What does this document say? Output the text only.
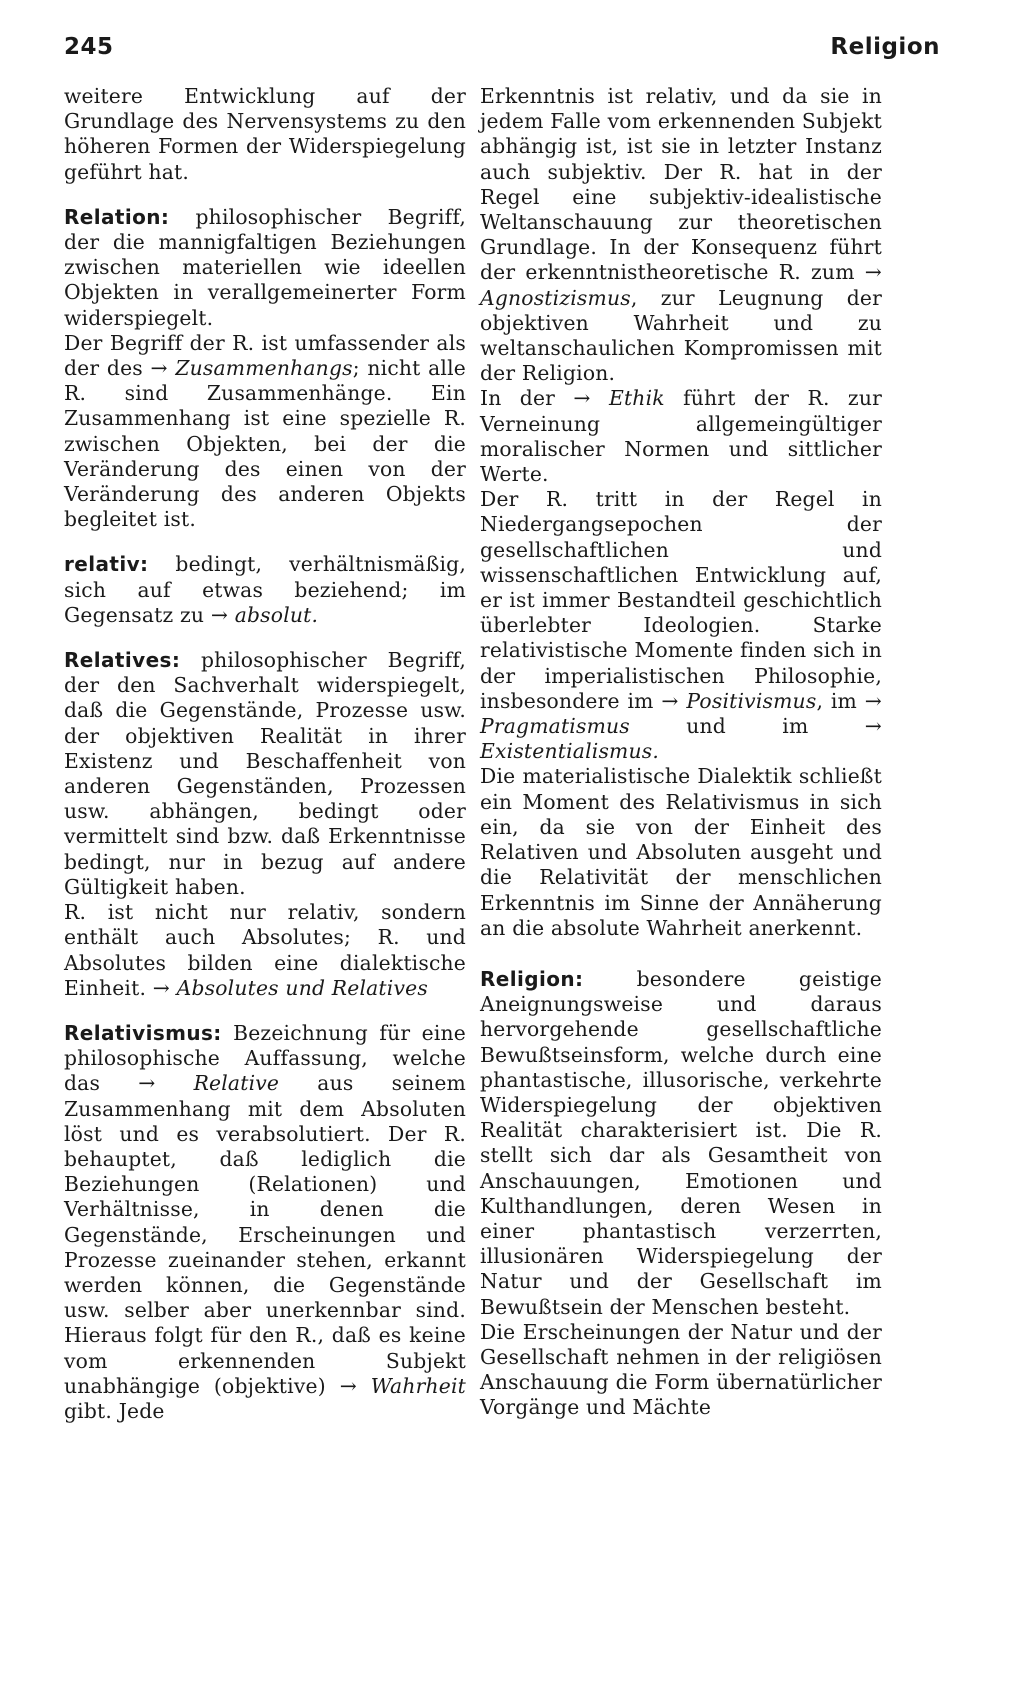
245	Religion

weitere Entwicklung auf der Grundlage des Nervensystems zu den höheren Formen der Widerspiegelung geführt hat.

Relation: philosophischer Begriff, der die mannigfaltigen Beziehungen zwischen materiellen wie ideellen Objekten in verallgemeinerter Form widerspiegelt.

Der Begriff der R. ist umfassender als der des → Zusammenhangs; nicht alle R. sind Zusammenhänge. Ein Zusammenhang ist eine spezielle R. zwischen Objekten, bei der die Veränderung des einen von der Veränderung des anderen Objekts begleitet ist.

relativ: bedingt, verhältnismäßig, sich auf etwas beziehend; im Gegensatz zu → absolut.

Relatives: philosophischer Begriff, der den Sachverhalt widerspiegelt, daß die Gegenstände, Prozesse usw. der objektiven Realität in ihrer Existenz und Beschaffenheit von anderen Gegenständen, Prozessen usw. abhängen, bedingt oder vermittelt sind bzw. daß Erkenntnisse bedingt, nur in bezug auf andere Gültigkeit haben.

R. ist nicht nur relativ, sondern enthält auch Absolutes; R. und Absolutes bilden eine dialektische Einheit. → Absolutes und Relatives

Relativismus: Bezeichnung für eine philosophische Auffassung, welche das → Relative aus seinem Zusammenhang mit dem Absoluten löst und es verabsolutiert. Der R. behauptet, daß lediglich die Beziehungen (Relationen) und Verhältnisse, in denen die Gegenstände, Erscheinungen und Prozesse zueinander stehen, erkannt werden können, die Gegenstände usw. selber aber unerkennbar sind. Hieraus folgt für den R., daß es keine vom erkennenden Subjekt unabhängige (objektive) → Wahrheit gibt. Jede

Erkenntnis ist relativ, und da sie in jedem Falle vom erkennenden Subjekt abhängig ist, ist sie in letzter Instanz auch subjektiv. Der R. hat in der Regel eine subjektiv-idealistische Weltanschauung zur theoretischen Grundlage. In der Konsequenz führt der erkenntnistheoretische R. zum → Agnostizismus, zur Leugnung der objektiven Wahrheit und zu weltanschaulichen Kompromissen mit der Religion.

In der → Ethik führt der R. zur Verneinung allgemeingültiger moralischer Normen und sittlicher Werte.

Der R. tritt in der Regel in Niedergangsepochen der gesellschaftlichen und wissenschaftlichen Entwicklung auf, er ist immer Bestandteil geschichtlich überlebter Ideologien. Starke relativistische Momente finden sich in der imperialistischen Philosophie, insbesondere im → Positivismus, im → Pragmatismus	und im	→ Existentialismus.

Die materialistische Dialektik schließt ein Moment des Relativismus in sich ein, da sie von der Einheit des Relativen und Absoluten ausgeht und die Relativität der menschlichen Erkenntnis im Sinne der Annäherung an die absolute Wahrheit anerkennt.

Religion:	besondere geistige Aneignungsweise und daraus hervorgehende gesellschaftliche Bewußtseinsform, welche durch eine phantastische, illusorische, verkehrte Widerspiegelung der objektiven Realität charakterisiert ist. Die R. stellt sich dar als Gesamtheit von Anschauungen, Emotionen und Kulthandlungen, deren Wesen in einer phantastisch verzerrten, illusionären Widerspiegelung der Natur und der Gesellschaft im Bewußtsein der Menschen besteht.

Die Erscheinungen der Natur und der Gesellschaft nehmen in der religiösen Anschauung die Form übernatürlicher Vorgänge und Mächte
